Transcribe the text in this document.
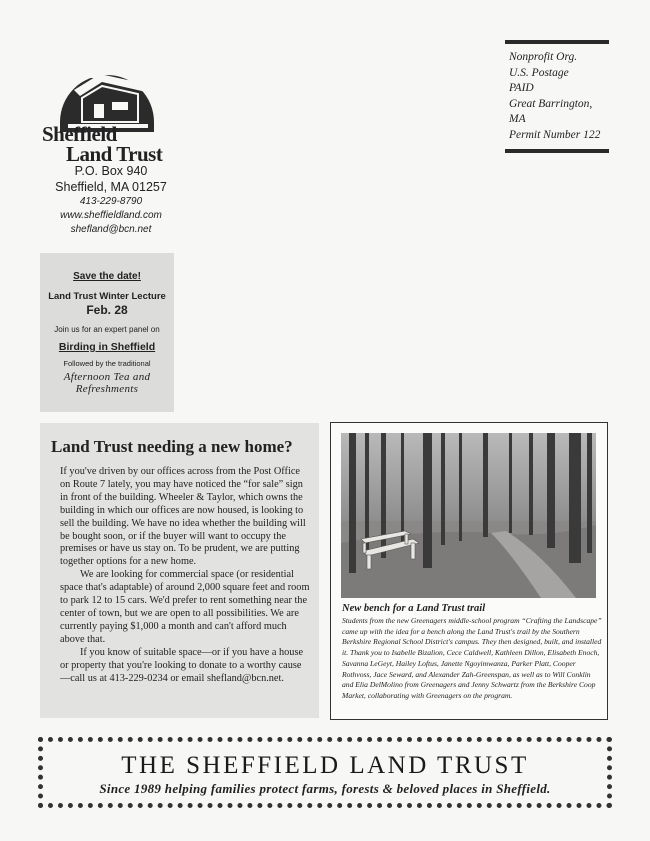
Sheffield
Land Trust
P.O. Box 940
Sheffield, MA 01257
413-229-8790
www.sheffieldland.com
shefland@bcn.net
Nonprofit Org.
U.S. Postage
PAID
Great Barrington, MA
Permit Number 122
Save the date!
Land Trust Winter Lecture
Feb. 28
Join us for an expert panel on
Birding in Sheffield
Followed by the traditional
Afternoon Tea and
Refreshments
Land Trust needing a new home?

If you've driven by our offices across from the Post Office on Route 7 lately, you may have noticed the “for sale” sign in front of the building. Wheeler & Taylor, which owns the building in which our offices are now housed, is looking to sell the building. We have no idea whether the building will be bought soon, or if the buyer will want to occupy the premises or have us stay on. To be prudent, we are putting together options for a new home.

We are looking for commercial space (or residential space that's adaptable) of around 2,000 square feet and room to park 12 to 15 cars. We'd prefer to rent something near the center of town, but we are open to all possibilities. We are currently paying $1,000 a month and can't afford much above that.

If you know of suitable space—or if you have a house or property that you're looking to donate to a worthy cause—call us at 413-229-0234 or email shefland@bcn.net.

New bench for a Land Trust trail
Students from the new Greenagers middle-school program “Crafting the Landscape” came up with the idea for a bench along the Land Trust's trail by the Southern Berkshire Regional School District's campus. They then designed, built, and installed it. Thank you to Isabelle Bizalion, Cece Caldwell, Kathleen Dillon, Elisabeth Enoch, Savanna LeGeyt, Hailey Loftus, Janette Ngoyimwanza, Parker Platt, Cooper Rothvoss, Jace Seward, and Alexander Zah-Greenspan, as well as to Will Conklin and Elia DelMolino from Greenagers and Jenny Schwartz from the Berkshire Coop Market, collaborating with Greenagers on the program.
THE SHEFFIELD LAND TRUST
Since 1989 helping families protect farms, forests & beloved places in Sheffield.
